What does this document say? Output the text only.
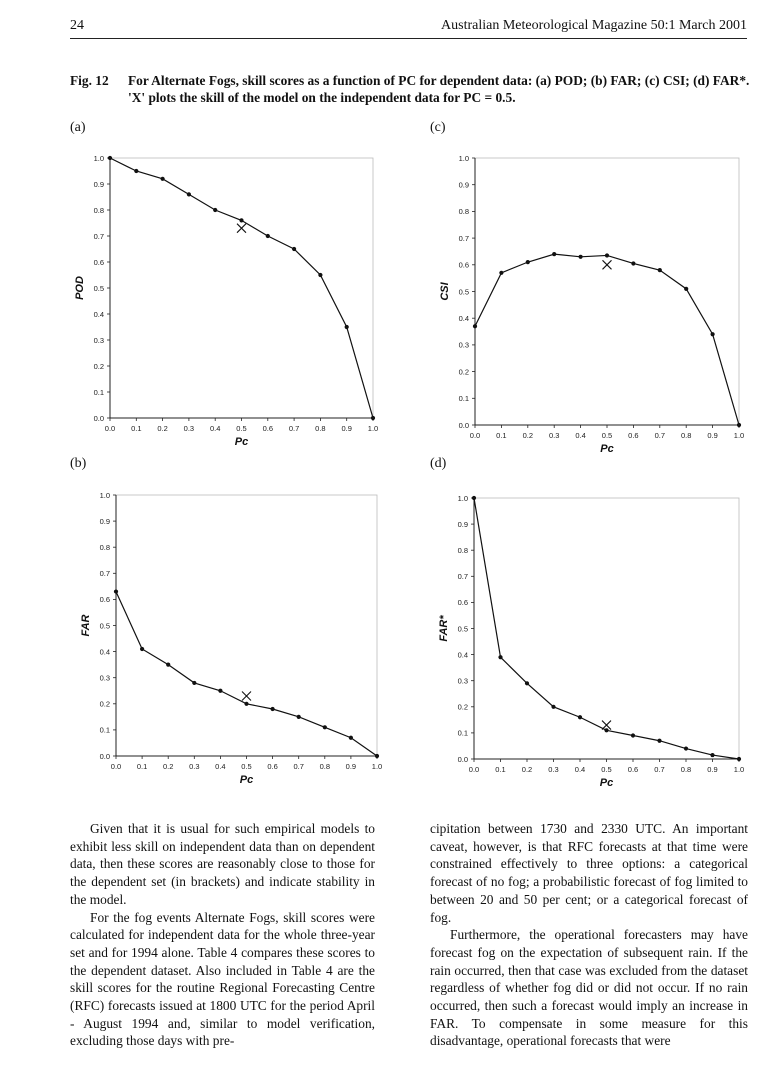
24	Australian Meteorological Magazine 50:1 March 2001
Fig. 12 For Alternate Fogs, skill scores as a function of PC for dependent data: (a) POD; (b) FAR; (c) CSI; (d) FAR*. 'X' plots the skill of the model on the independent data for PC = 0.5.
(a)	(c)
(b)	(d)
0.0
0.1
0.2
0.3
0.4
0.5
0.6
0.7
0.8
0.9
1.0
0.0 0.1 0.2 0.3 0.4 0.5 0.6 0.7 0.8 0.9 1.0
Pc
POD
0.0
0.1
0.2
0.3
0.4
0.5
0.6
0.7
0.8
0.9
1.0
0.0 0.1 0.2 0.3 0.4 0.5 0.6 0.7 0.8 0.9 1.0
Pc
FAR
0.0
0.1
0.2
0.3
0.4
0.5
0.6
0.7
0.8
0.9
1.0
0.0 0.1 0.2 0.3 0.4 0.5 0.6 0.7 0.8 0.9 1.0
Pc
CSI
0.0
0.1
0.2
0.3
0.4
0.5
0.6
0.7
0.8
0.9
1.0
0.0 0.1 0.2 0.3 0.4 0.5 0.6 0.7 0.8 0.9 1.0
Pc
FAR*

Given that it is usual for such empirical models to exhibit less skill on independent data than on dependent data, then these scores are reasonably close to those for the dependent set (in brackets) and indicate stability in the model.

For the fog events Alternate Fogs, skill scores were calculated for independent data for the whole three-year set and for 1994 alone. Table 4 compares these scores to the dependent dataset. Also included in Table 4 are the skill scores for the routine Regional Forecasting Centre (RFC) forecasts issued at 1800 UTC for the period April - August 1994 and, similar to model verification, excluding those days with pre-

cipitation between 1730 and 2330 UTC. An important caveat, however, is that RFC forecasts at that time were constrained effectively to three options: a categorical forecast of no fog; a probabilistic forecast of fog limited to between 20 and 50 per cent; or a categorical forecast of fog.

Furthermore, the operational forecasters may have forecast fog on the expectation of subsequent rain. If the rain occurred, then that case was excluded from the dataset regardless of whether fog did or did not occur. If no rain occurred, then such a forecast would imply an increase in FAR. To compensate in some measure for this disadvantage, operational forecasts that were
